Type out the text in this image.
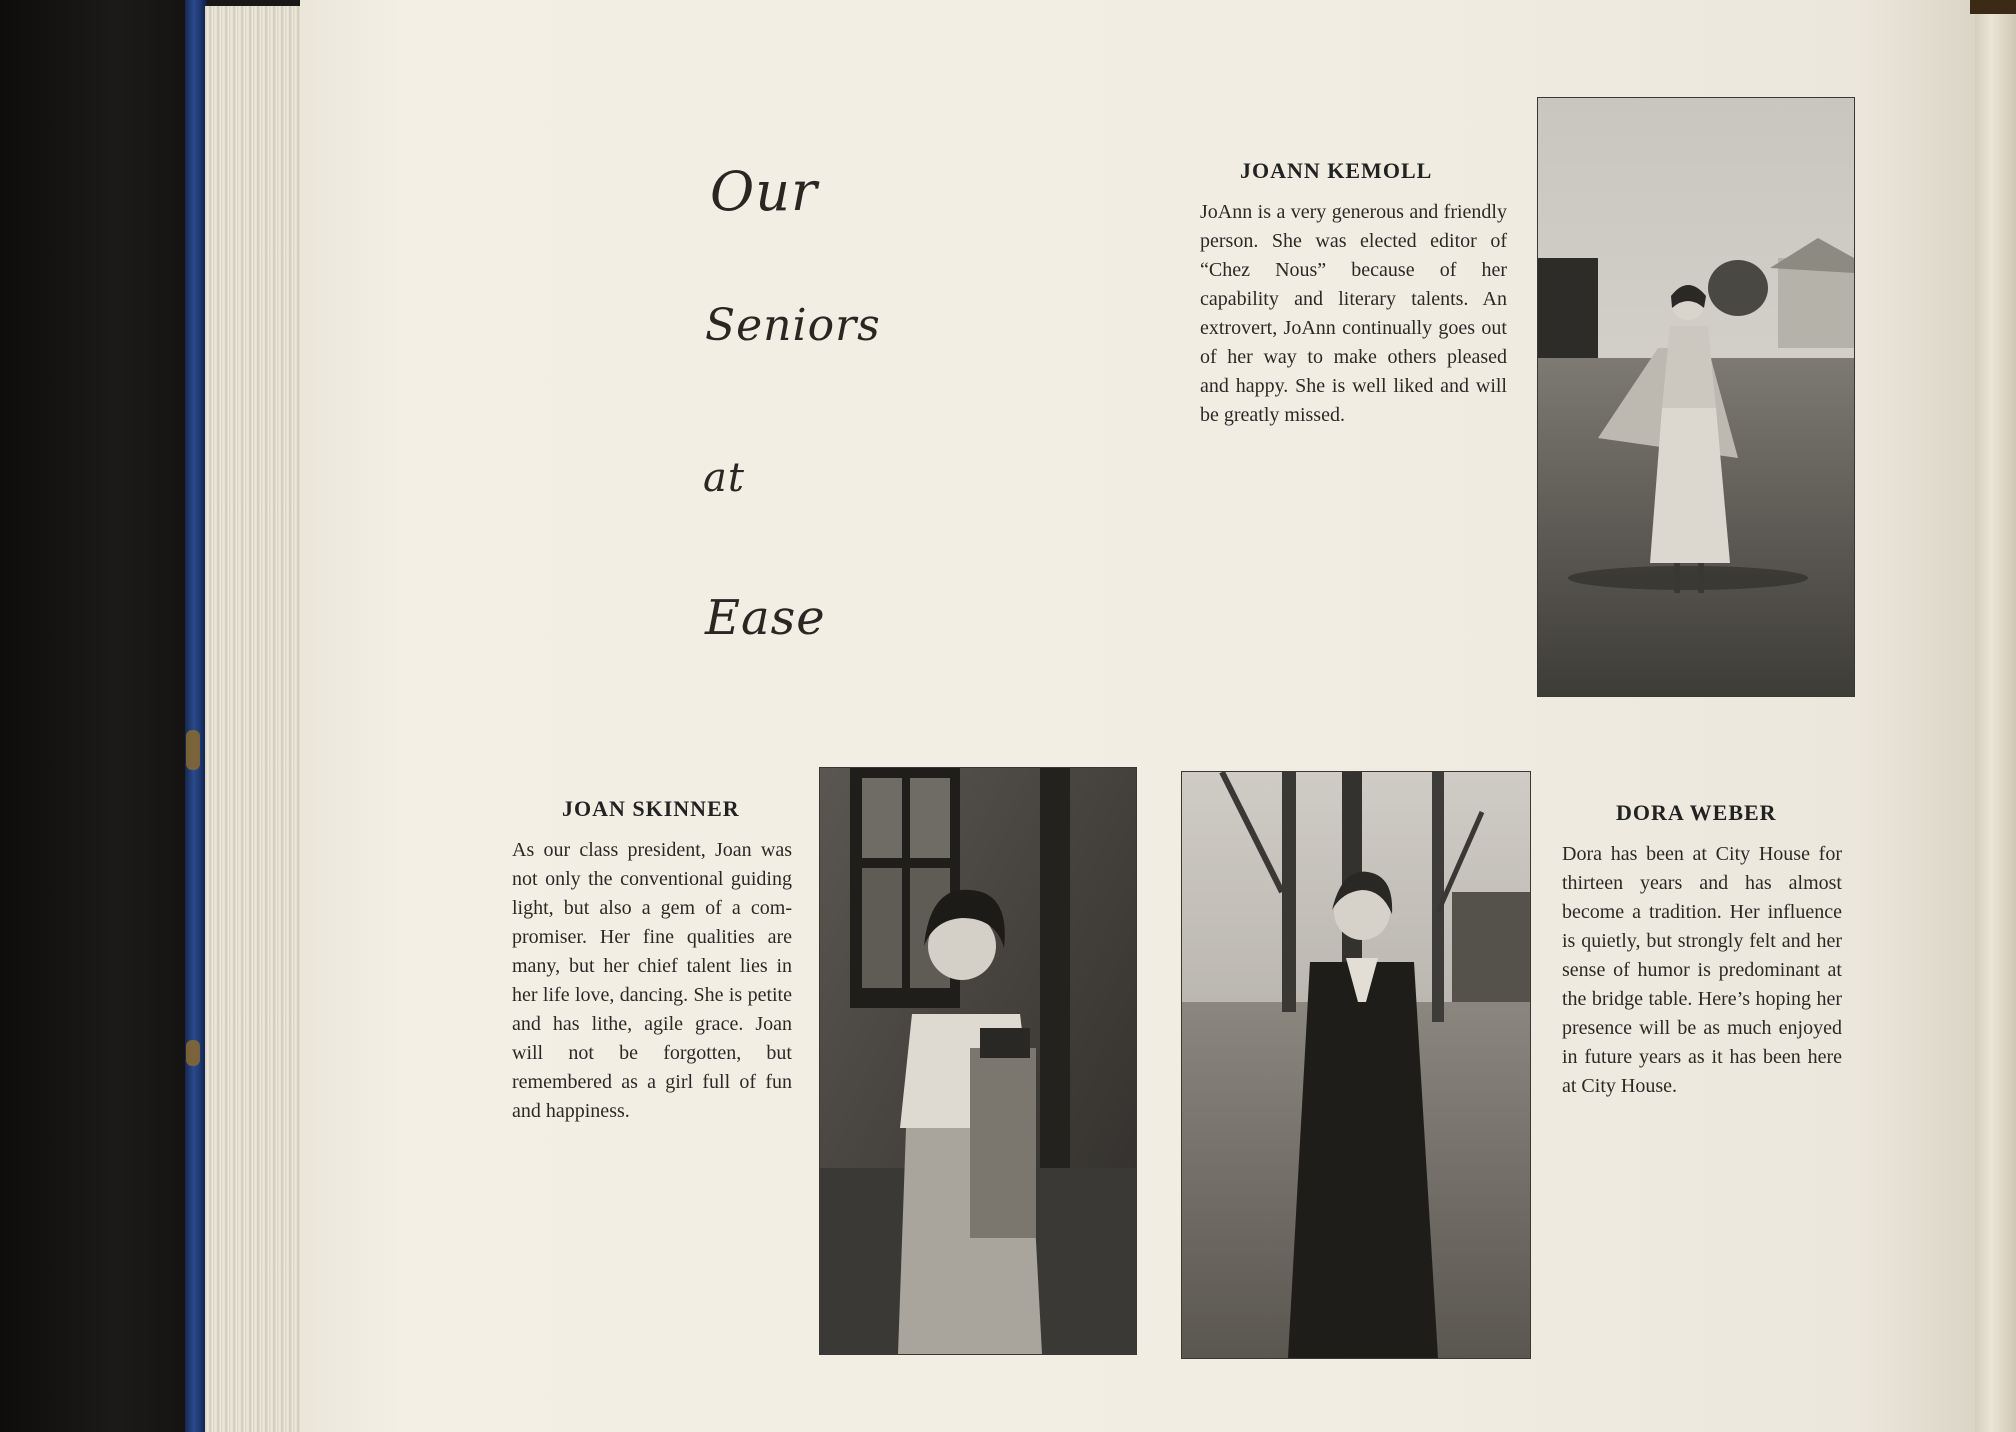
Our
Seniors
at
Ease
JOANN KEMOLL

JoAnn is a very generous and friendly person. She was elected editor of “Chez Nous” because of her capability and literary talents. An extrovert, JoAnn continually goes out of her way to make others pleased and happy. She is well liked and will be greatly missed.

JOAN SKINNER

As our class president, Joan was not only the conventional guiding light, but also a gem of a compromiser. Her fine qualities are many, but her chief talent lies in her life love, dancing. She is petite and has lithe, agile grace. Joan will not be forgotten, but remembered as a girl full of fun and happiness.

DORA WEBER

Dora has been at City House for thirteen years and has almost become a tradition. Her influence is quietly, but strongly felt and her sense of humor is predominant at the bridge table. Here’s hoping her presence will be as much enjoyed in future years as it has been here at City House.
